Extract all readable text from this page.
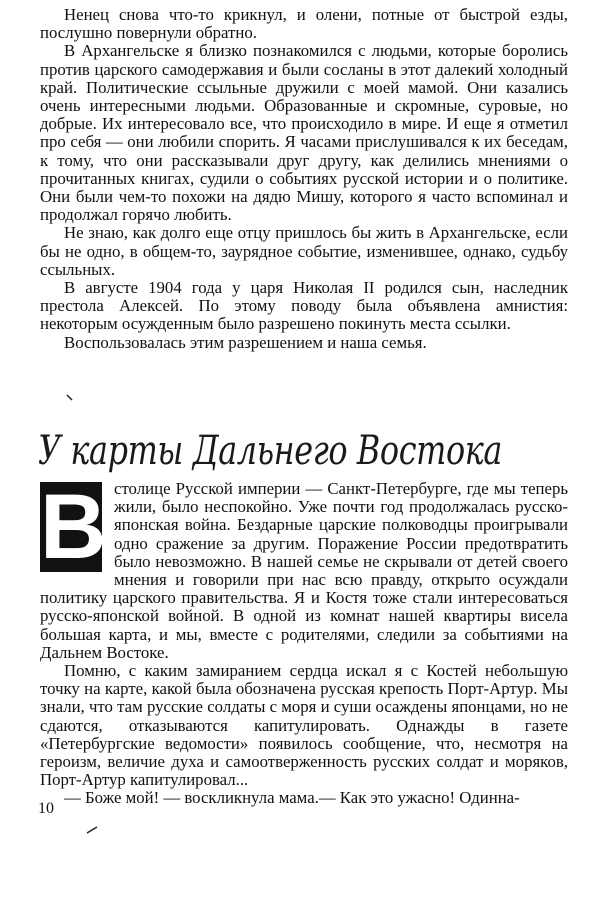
Ненец снова что-то крикнул, и олени, потные от быстрой езды, послушно повернули обратно.

В Архангельске я близко познакомился с людьми, которые боролись против царского самодержавия и были сосланы в этот далекий холодный край. Политические ссыльные дружили с моей мамой. Они казались очень интересными людьми. Образованные и скромные, суровые, но добрые. Их интересовало все, что происходило в мире. И еще я отметил про себя — они любили спорить. Я часами прислушивался к их беседам, к тому, что они рассказывали друг другу, как делились мнениями о прочитанных книгах, судили о событиях русской истории и о политике. Они были чем-то похожи на дядю Мишу, которого я часто вспоминал и продолжал горячо любить.

Не знаю, как долго еще отцу пришлось бы жить в Архангельске, если бы не одно, в общем-то, заурядное событие, изменившее, однако, судьбу ссыльных.

В августе 1904 года у царя Николая II родился сын, наследник престола Алексей. По этому поводу была объявлена амнистия: некоторым осужденным было разрешено покинуть места ссылки.

Воспользовалась этим разрешением и наша семья.

У карты Дальнего Востока
В столице Русской империи — Санкт-Петербурге, где мы теперь жили, было неспокойно. Уже почти год продолжалась русско-японская война. Бездарные царские полководцы проигрывали одно сражение за другим. Поражение России предотвратить было невозможно. В нашей семье не скрывали от детей своего мнения и говорили при нас всю правду, открыто осуждали политику царского правительства. Я и Костя тоже стали интересоваться русско-японской войной. В одной из комнат нашей квартиры висела большая карта, и мы, вместе с родителями, следили за событиями на Дальнем Востоке.

Помню, с каким замиранием сердца искал я с Костей небольшую точку на карте, какой была обозначена русская крепость Порт-Артур. Мы знали, что там русские солдаты с моря и суши осаждены японцами, но не сдаются, отказываются капитулировать. Однажды в газете «Петербургские ведомости» появилось сообщение, что, несмотря на героизм, величие духа и самоотверженность русских солдат и моряков, Порт-Артур капитулировал...

— Боже мой! — воскликнула мама.— Как это ужасно! Одинна-

10
